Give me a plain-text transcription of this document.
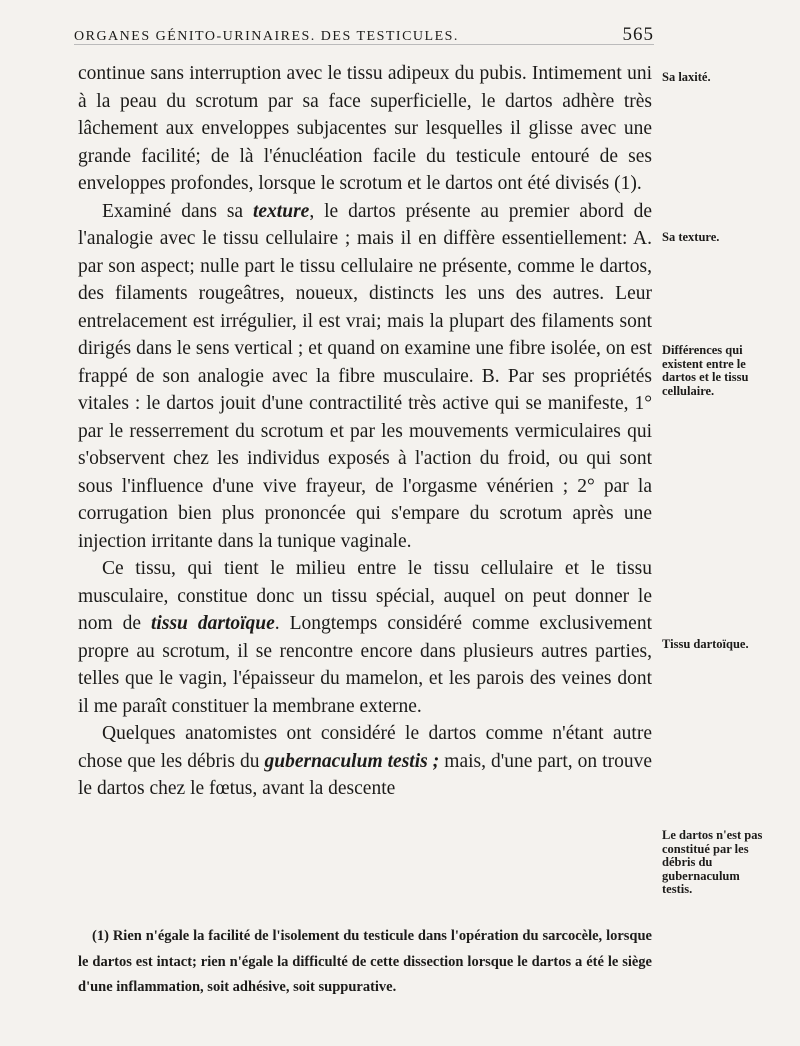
ORGANES GÉNITO-URINAIRES. DES TESTICULES.	565

continue sans interruption avec le tissu adipeux du pubis. Intimement uni à la peau du scrotum par sa face superficielle, le dartos adhère très lâchement aux enveloppes subjacentes sur lesquelles il glisse avec une grande facilité; de là l'énucléation facile du testicule entouré de ses enveloppes profondes, lorsque le scrotum et le dartos ont été divisés (1).

Examiné dans sa texture, le dartos présente au premier abord de l'analogie avec le tissu cellulaire ; mais il en diffère essentiellement: A. par son aspect; nulle part le tissu cellulaire ne présente, comme le dartos, des filaments rougeâtres, noueux, distincts les uns des autres. Leur entrelacement est irrégulier, il est vrai; mais la plupart des filaments sont dirigés dans le sens vertical ; et quand on examine une fibre isolée, on est frappé de son analogie avec la fibre musculaire. B. Par ses propriétés vitales : le dartos jouit d'une contractilité très active qui se manifeste, 1° par le resserrement du scrotum et par les mouvements vermiculaires qui s'observent chez les individus exposés à l'action du froid, ou qui sont sous l'influence d'une vive frayeur, de l'orgasme vénérien ; 2° par la corrugation bien plus prononcée qui s'empare du scrotum après une injection irritante dans la tunique vaginale.

Ce tissu, qui tient le milieu entre le tissu cellulaire et le tissu musculaire, constitue donc un tissu spécial, auquel on peut donner le nom de tissu dartoïque. Longtemps considéré comme exclusivement propre au scrotum, il se rencontre encore dans plusieurs autres parties, telles que le vagin, l'épaisseur du mamelon, et les parois des veines dont il me paraît constituer la membrane externe.

Quelques anatomistes ont considéré le dartos comme n'étant autre chose que les débris du gubernaculum testis ; mais, d'une part, on trouve le dartos chez le fœtus, avant la descente

Sa laxité.
Sa texture.
Différences qui existent entre le dartos et le tissu cellulaire.
Tissu dartoïque.
Le dartos n'est pas constitué par les débris du gubernaculum testis.

(1) Rien n'égale la facilité de l'isolement du testicule dans l'opération du sarcocèle, lorsque le dartos est intact; rien n'égale la difficulté de cette dissection lorsque le dartos a été le siège d'une inflammation, soit adhésive, soit suppurative.
